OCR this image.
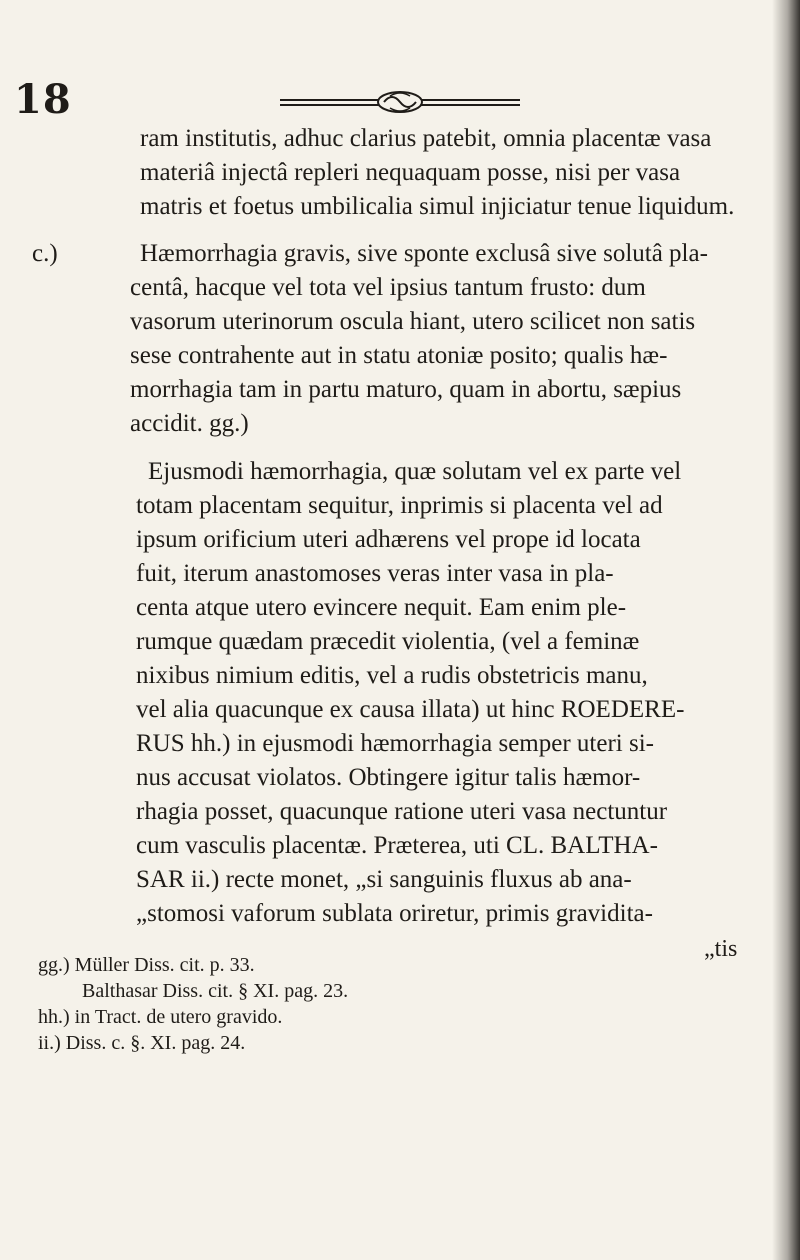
18
ram institutis, adhuc clarius patebit, omnia placentæ vasa
materiâ injectâ repleri nequaquam posse, nisi per vasa
matris et foetus umbilicalia simul injiciatur tenue liquidum.
c.)	Hæmorrhagia gravis, sive sponte exclusâ sive solutâ pla-
centâ, hacque vel tota vel ipsius tantum frusto: dum
vasorum uterinorum oscula hiant, utero scilicet non satis
sese contrahente aut in statu atoniæ posito; qualis hæ-
morrhagia tam in partu maturo, quam in abortu, sæpius
accidit. gg.)
Ejusmodi hæmorrhagia, quæ solutam vel ex parte vel
totam placentam sequitur, inprimis si placenta vel ad
ipsum orificium uteri adhærens vel prope id locata
fuit, iterum anastomoses veras inter vasa in pla-
centa atque utero evincere nequit. Eam enim ple-
rumque quædam præcedit violentia, (vel a feminæ
nixibus nimium editis, vel a rudis obstetricis manu,
vel alia quacunque ex causa illata) ut hinc ROEDERE-
RUS hh.) in ejusmodi hæmorrhagia semper uteri si-
nus accusat violatos. Obtingere igitur talis hæmor-
rhagia posset, quacunque ratione uteri vasa nectuntur
cum vasculis placentæ. Præterea, uti CL. BALTHA-
SAR ii.) recte monet, „si sanguinis fluxus ab ana-
„stomosi vaforum sublata oriretur, primis gravidita-
„tis
gg.) Müller Diss. cit. p. 33.
Balthasar Diss. cit. § XI. pag. 23.
hh.) in Tract. de utero gravido.
ii.) Diss. c. §. XI. pag. 24.
